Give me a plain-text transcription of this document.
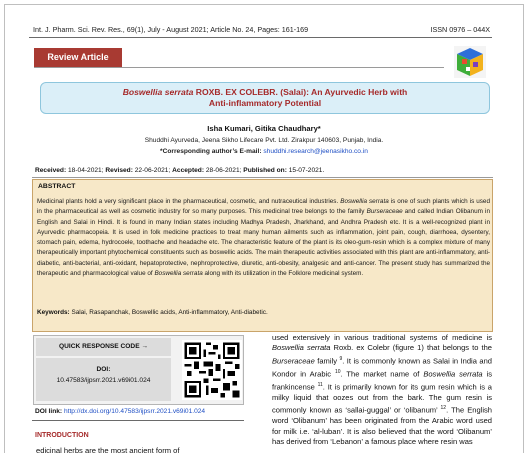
Int. J. Pharm. Sci. Rev. Res., 69(1), July - August 2021; Article No. 24, Pages: 161-169	ISSN 0976 – 044X
Review Article
Boswellia serrata ROXB. EX COLEBR. (Salai): An Ayurvedic Herb with
Anti-inflammatory Potential
Isha Kumari, Gitika Chaudhary*
Shuddhi Ayurveda, Jeena Sikho Lifecare Pvt. Ltd. Zirakpur 140603, Punjab, India.
*Corresponding author’s E-mail: shuddhi.research@jeenasikho.co.in
Received: 18-04-2021; Revised: 22-06-2021; Accepted: 28-06-2021; Published on: 15-07-2021.
ABSTRACT
Medicinal plants hold a very significant place in the pharmaceutical, cosmetic, and nutraceutical industries. Boswellia serrata is one of such plants which is used in the pharmaceutical as well as cosmetic industry for so many purposes. This medicinal tree belongs to the family Burseraceae and called Indian Olibanum in English and Salai in Hindi. It is found in many Indian states including Madhya Pradesh, Jharkhand, and Andhra Pradesh etc. It is a well-recognized plant in Ayurvedic pharmacopeia. It is used in folk medicine practices to treat many human ailments such as inflammation, joint pain, cough, diarrhoea, dysentery, stomach pain, edema, hydrocoele, toothache and headache etc. The characteristic feature of the plant is its oleo-gum-resin which is a complex mixture of many therapeutically important phytochemical constituents such as boswellic acids. The main therapeutic activities associated with this plant are anti-inflammatory, anti-diabetic, anti-bacterial, anti-oxidant, hepatoprotective, nephroprotective, diuretic, anti-obesity, analgesic and anti-cancer. The present study has summarized the therapeutic and pharmacological value of Boswellia serrata along with its utilization in the Folklore medicinal system.
Keywords: Salai, Rasapanchak, Boswellic acids, Anti-inflammatory, Anti-diabetic.
QUICK RESPONSE CODE →
DOI:
10.47583/ijpsrr.2021.v69i01.024
DOI link: http://dx.doi.org/10.47583/ijpsrr.2021.v69i01.024
INTRODUCTION
edicinal herbs are the most ancient form of

used extensively in various traditional systems of medicine is Boswellia serrata Roxb. ex Colebr (figure 1) that belongs to the Burseraceae family $^9$. It is commonly known as Salai in India and Kondor in Arabic $^{10}$. The market name of Boswellia serrata is frankincense $^{11}$. It is primarily known for its gum resin which is a milky liquid that oozes out from the bark. The gum resin is commonly known as ‘sallai-guggal’ or ‘olibanum’ $^{12}$. The English word ‘Olibanum’ has been originated from the Arabic word used for milk i.e. ‘al-luban’. It is also believed that the word ‘Olibanum’ has derived from ‘Lebanon’ a famous place where resin was
